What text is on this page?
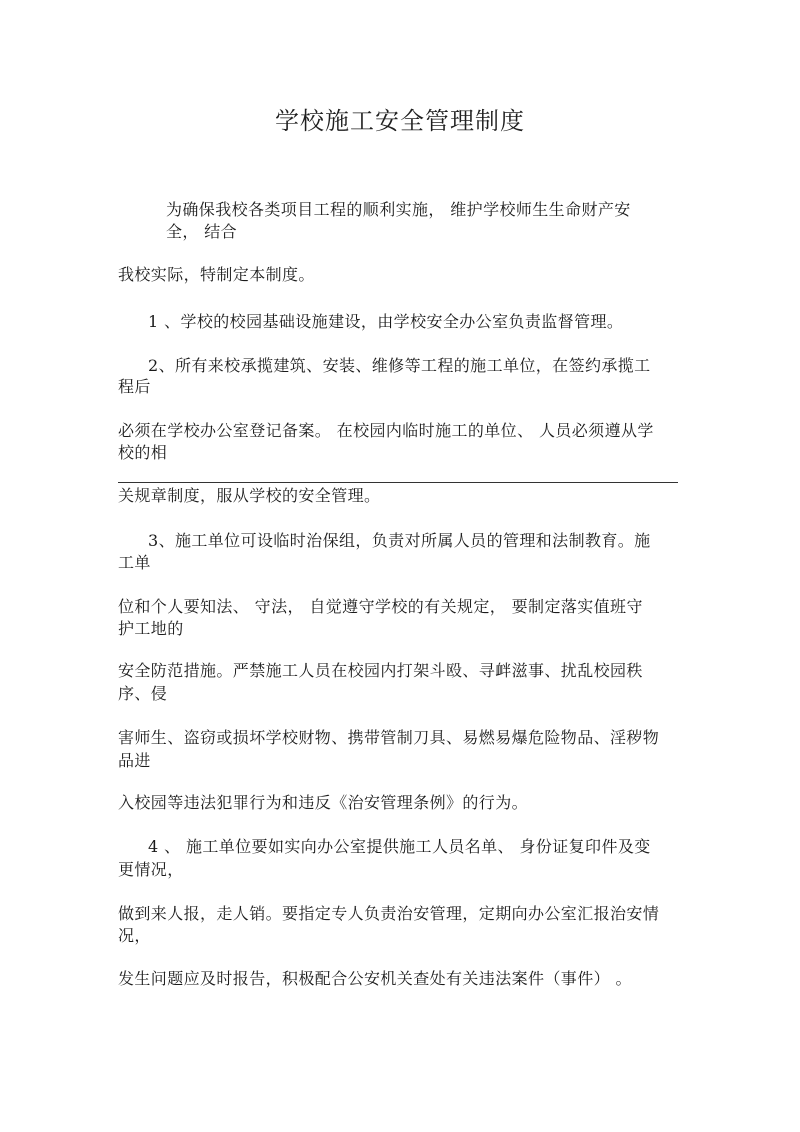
学校施工安全管理制度
为确保我校各类项目工程的顺利实施， 维护学校师生生命财产安
全， 结合
我校实际，特制定本制度。
1 、学校的校园基础设施建设，由学校安全办公室负责监督管理。
2、所有来校承揽建筑、安装、维修等工程的施工单位，在签约承揽工
程后
必须在学校办公室登记备案。 在校园内临时施工的单位、 人员必须遵从学
校的相
关规章制度，服从学校的安全管理。
3、施工单位可设临时治保组，负责对所属人员的管理和法制教育。施
工单
位和个人要知法、 守法， 自觉遵守学校的有关规定， 要制定落实值班守
护工地的
安全防范措施。严禁施工人员在校园内打架斗殴、寻衅滋事、扰乱校园秩
序、侵
害师生、盗窃或损坏学校财物、携带管制刀具、易燃易爆危险物品、淫秽物
品进
入校园等违法犯罪行为和违反《治安管理条例》的行为。
4 、 施工单位要如实向办公室提供施工人员名单、 身份证复印件及变
更情况，
做到来人报，走人销。要指定专人负责治安管理，定期向办公室汇报治安情
况，
发生问题应及时报告，积极配合公安机关查处有关违法案件（事件） 。
